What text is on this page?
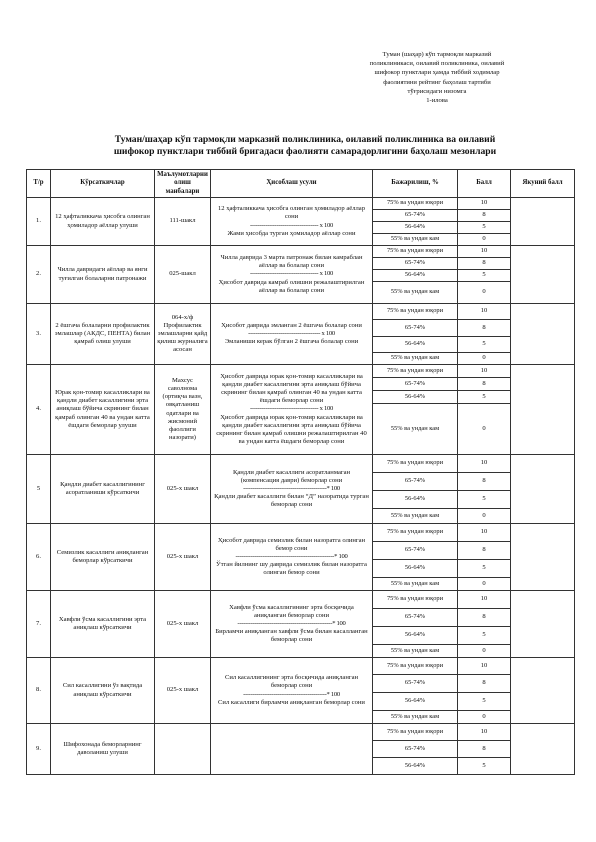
Туман (шаҳар) кўп тармоқли марказий
поликлиникаси, оилавий поликлиника, оилавий
шифокор пунктлари ҳамда тиббий ходимлар
фаолиятини рейтинг баҳолаш тартиби
тўғрисидаги низомга
1-илова
Туман/шаҳар кўп тармоқли марказий поликлиника, оилавий поликлиника ва оилавий
шифокор пунктлари тиббий бригадаси фаолияти самарадорлигини баҳолаш мезонлари
Т/р	Кўрсаткичлар	Маълумотларни олиш манбалари	Ҳисоблаш усули	Бажарилиш, %	Балл	Якуний балл
1.	12 ҳафталиккача ҳисобга олинган ҳомиладор аёллар улуши	111-шакл	12 ҳафталиккача ҳисобга олинган ҳомиладор аёллар сони
------------------------------------ х 100
Жами ҳисобда турган ҳомиладор аёллар сони	75% ва ундан юқори	10	
				65-74%	8	
				56-64%	5	
				55% ва ундан кам	0	
2.	Чилла давридаги аёллар ва янги туғилган болаларни патронажи	025-шакл	Чилла даврида 3 марта патронаж билан камраблан аёллар ва болалар сони
------------------------------------ х 100
Ҳисобот даврида камраб олишни режалаштирилган аёллар ва болалар сони	75% ва ундан юқори	10	
				65-74%	8	
				56-64%	5	
				55% ва ундан кам	0	
3.	2 ёшгача болаларни профилактик эмлашлар (АКДС, ПЕНТА) билан қамраб олиш улуши	064-х/ф Профилактик эмлашларни қайд қилиш журналига асосан	Ҳисобот даврида эмланган 2 ёшгача болалар сони
-------------------------------------- х 100
Эмланиши керак бўлган 2 ёшгача болалар сони	75% ва ундан юқори	10	
				65-74%	8	
				56-64%	5	
				55% ва ундан кам	0	
4.	Юрак қон-томир касалликлари ва қандли диабет касаллигини эрта аниқлаш бўйича скрининг билан қамраб олинган 40 ва ундан катта ёшдаги беморлар улуши	Махсус саволнома (ортиқча вазн, овқатланиш одатлари ва жисмоний фаоллиги назорати)	Ҳисобот даврида юрак қон-томир касалликлари ва қандли диабет касаллигини эрта аниқлаш бўйича скрининг билан қамраб олинган 40 ва ундан катта ёшдаги беморлар сони
------------------------------------ х 100
Ҳисобот даврида юрак қон-томир касалликлари ва қандли диабет касаллигини эрта аниқлаш бўйича скрининг билан қамраб олишни режалаштирилган 40 ва ундан катта ёшдаги беморлар сони	75% ва ундан юқори	10	
				65-74%	8	
				56-64%	5	
				55% ва ундан кам	0	
5	Қандли диабет касаллигининг асоратланиши кўрсаткичи	025-х шакл	Қандли диабет касаллиги асоратланмаган (компенсация даври) беморлар сони
--------------------------------------------* 100
Қандли диабет касаллиги билан “Д” назоратида турган беморлар сони	75% ва ундан юқори	10	
				65-74%	8	
				56-64%	5	
				55% ва ундан кам	0	
6.	Семизлик касаллиги аниқланган беморлар кўрсаткичи	025-х шакл	Ҳисобот даврида семизлик билан назоратга олинган бемор сони
----------------------------------------------------* 100
Ўтган йилнинг шу даврида семизлик билан назоратга олинган бемор сони	75% ва ундан юқори	10	
				65-74%	8	
				56-64%	5	
				55% ва ундан кам	0	
7.	Хавфли ўсма касаллигини эрта аниқлаш кўрсаткичи	025-х шакл	Хавфли ўсма касаллигининг эрта босқичида аниқланган беморлар сони
--------------------------------------------------* 100
Бирламчи аниқланган хавфли ўсма билан касалланган беморлар сони	75% ва ундан юқори	10	
				65-74%	8	
				56-64%	5	
				55% ва ундан кам	0	
8.	Сил касаллигини ўз вақтида аниқлаш кўрсаткичи	025-х шакл	Сил касаллигининг эрта босқичида аниқланган беморлар сони
--------------------------------------------* 100
Сил касаллиги бирламчи аниқланган беморлар сони	75% ва ундан юқори	10	
				65-74%	8	
				56-64%	5	
				55% ва ундан кам	0	
9.	Шифохонада беморларнинг даволаниш улуши			75% ва ундан юқори	10	
				65-74%	8	
				56-64%	5	
